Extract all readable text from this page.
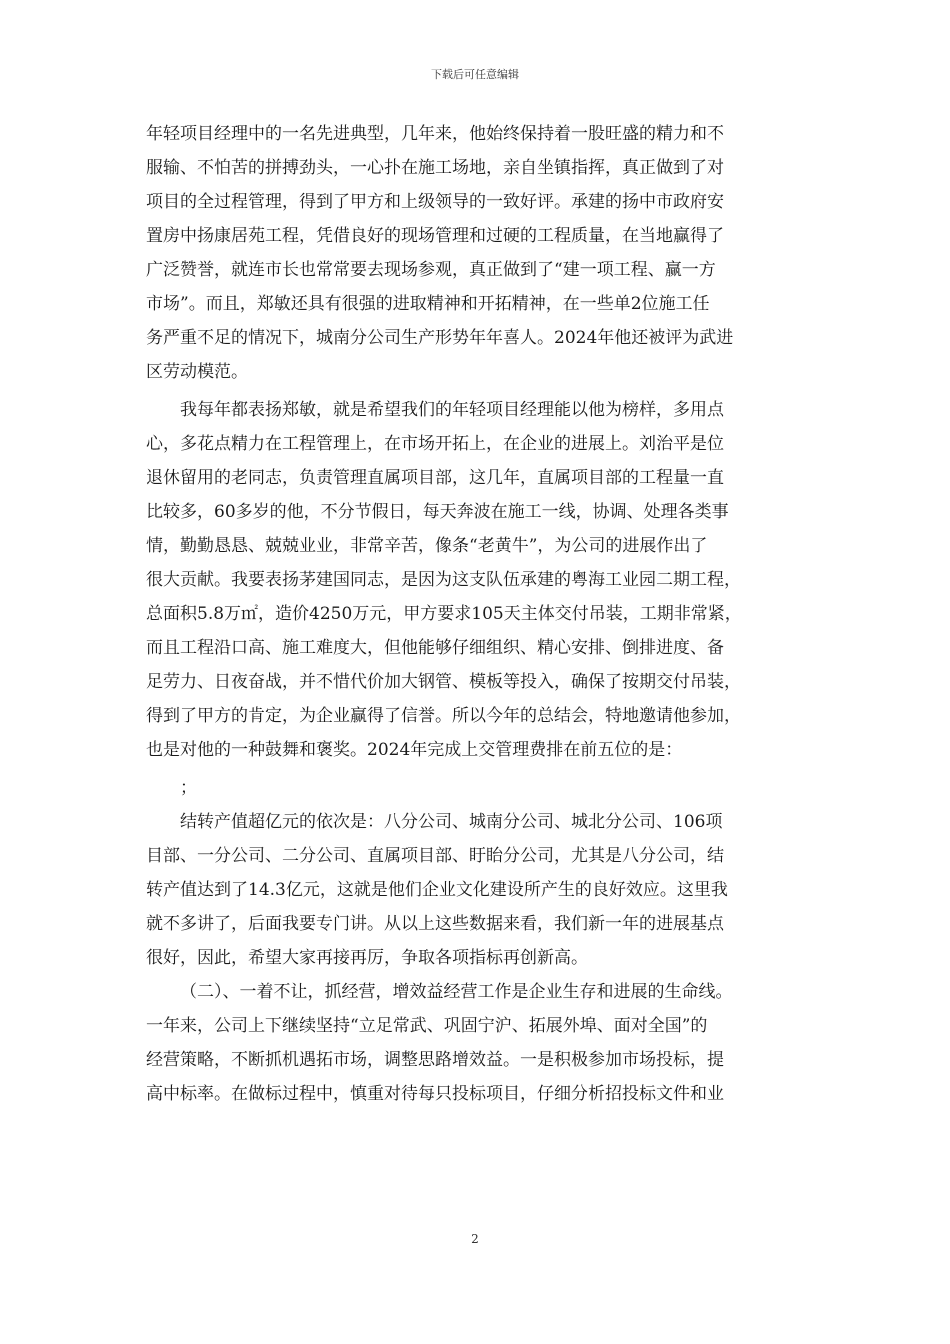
下载后可任意编辑
年轻项目经理中的一名先进典型，几年来，他始终保持着一股旺盛的精力和不
服输、不怕苦的拼搏劲头，一心扑在施工场地，亲自坐镇指挥，真正做到了对
项目的全过程管理，得到了甲方和上级领导的一致好评。承建的扬中市政府安
置房中扬康居苑工程，凭借良好的现场管理和过硬的工程质量，在当地赢得了
广泛赞誉，就连市长也常常要去现场参观，真正做到了“建一项工程、赢一方
市场”。而且，郑敏还具有很强的进取精神和开拓精神，在一些单2位施工任
务严重不足的情况下，城南分公司生产形势年年喜人。2024年他还被评为武进
区劳动模范。
我每年都表扬郑敏，就是希望我们的年轻项目经理能以他为榜样，多用点
心，多花点精力在工程管理上，在市场开拓上，在企业的进展上。刘治平是位
退休留用的老同志，负责管理直属项目部，这几年，直属项目部的工程量一直
比较多，60多岁的他，不分节假日，每天奔波在施工一线，协调、处理各类事
情，勤勤恳恳、兢兢业业，非常辛苦，像条“老黄牛”，为公司的进展作出了
很大贡献。我要表扬茅建国同志，是因为这支队伍承建的粤海工业园二期工程，
总面积5.8万㎡，造价4250万元，甲方要求105天主体交付吊装，工期非常紧，
而且工程沿口高、施工难度大，但他能够仔细组织、精心安排、倒排进度、备
足劳力、日夜奋战，并不惜代价加大钢管、模板等投入，确保了按期交付吊装，
得到了甲方的肯定，为企业赢得了信誉。所以今年的总结会，特地邀请他参加，
也是对他的一种鼓舞和褒奖。2024年完成上交管理费排在前五位的是：
；
结转产值超亿元的依次是：八分公司、城南分公司、城北分公司、106项
目部、一分公司、二分公司、直属项目部、盱眙分公司，尤其是八分公司，结
转产值达到了14.3亿元，这就是他们企业文化建设所产生的良好效应。这里我
就不多讲了，后面我要专门讲。从以上这些数据来看，我们新一年的进展基点
很好，因此，希望大家再接再厉，争取各项指标再创新高。
（二）、一着不让，抓经营，增效益经营工作是企业生存和进展的生命线。
一年来，公司上下继续坚持“立足常武、巩固宁沪、拓展外埠、面对全国”的
经营策略，不断抓机遇拓市场，调整思路增效益。一是积极参加市场投标，提
高中标率。在做标过程中，慎重对待每只投标项目，仔细分析招投标文件和业
2
